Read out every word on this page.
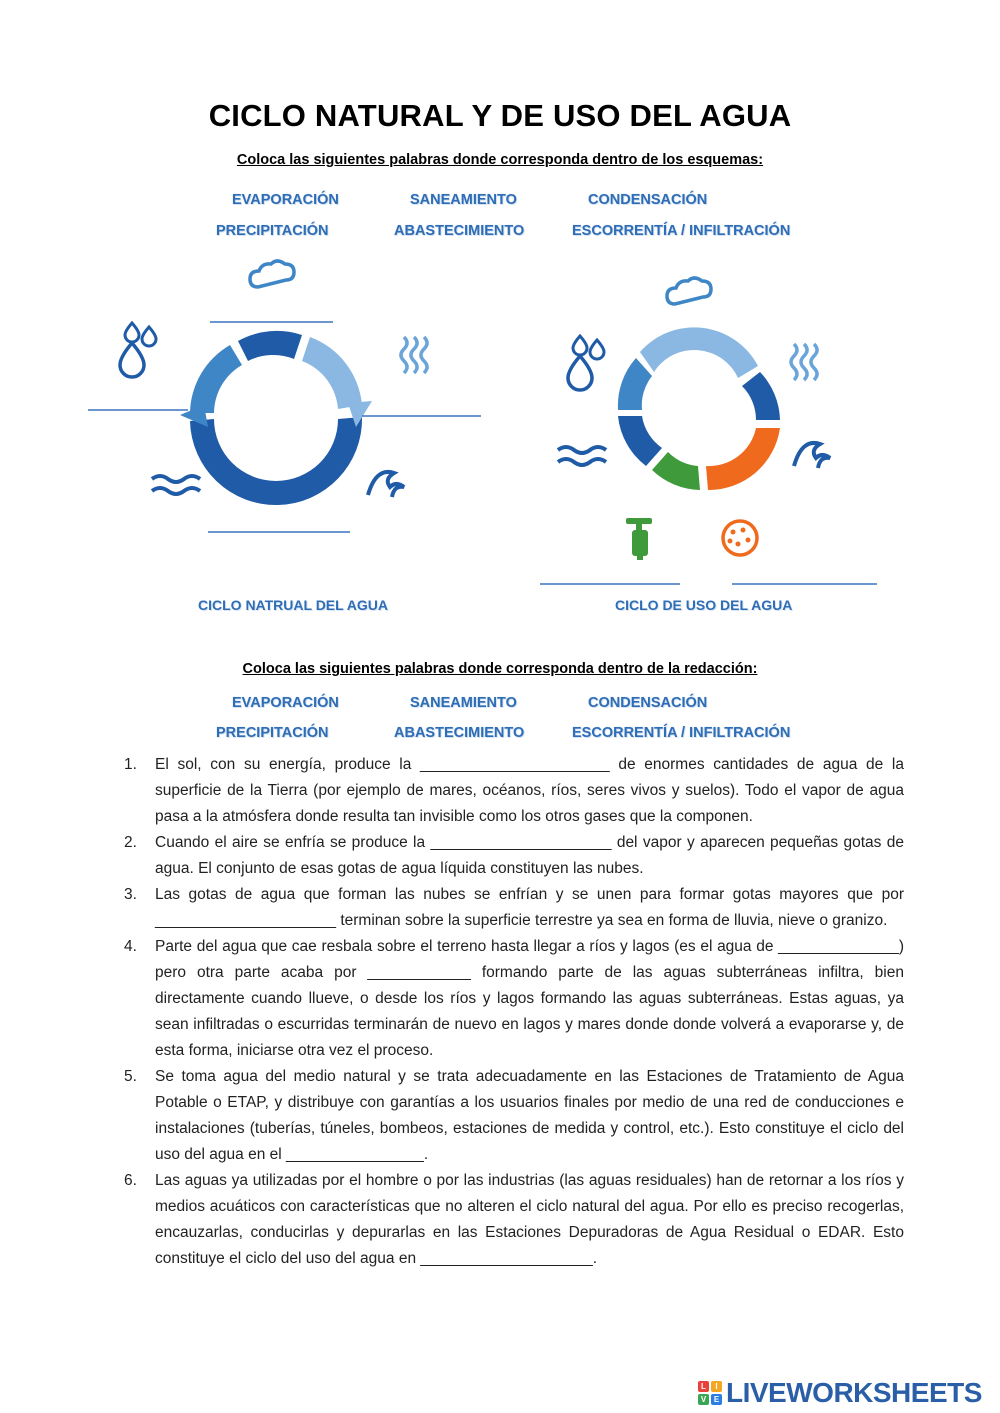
CICLO NATURAL Y DE USO DEL AGUA
Coloca las siguientes palabras donde corresponda dentro de los esquemas:
EVAPORACIÓN	SANEAMIENTO	CONDENSACIÓN
PRECIPITACIÓN	ABASTECIMIENTO	ESCORRENTÍA / INFILTRACIÓN
CICLO NATRUAL DEL AGUA	CICLO DE USO DEL AGUA
Coloca las siguientes palabras donde corresponda dentro de la redacción:
EVAPORACIÓN	SANEAMIENTO	CONDENSACIÓN
PRECIPITACIÓN	ABASTECIMIENTO	ESCORRENTÍA / INFILTRACIÓN
1. El sol, con su energía, produce la ______________________ de enormes cantidades de agua de la superficie de la Tierra (por ejemplo de mares, océanos, ríos, seres vivos y suelos). Todo el vapor de agua pasa a la atmósfera donde resulta tan invisible como los otros gases que la componen.
2. Cuando el aire se enfría se produce la _____________________ del vapor y aparecen pequeñas gotas de agua. El conjunto de esas gotas de agua líquida constituyen las nubes.
3. Las gotas de agua que forman las nubes se enfrían y se unen para formar gotas mayores que por _____________________ terminan sobre la superficie terrestre ya sea en forma de lluvia, nieve o granizo.
4. Parte del agua que cae resbala sobre el terreno hasta llegar a ríos y lagos (es el agua de ______________) pero otra parte acaba por ____________ formando parte de las aguas subterráneas infiltra, bien directamente cuando llueve, o desde los ríos y lagos formando las aguas subterráneas. Estas aguas, ya sean infiltradas o escurridas terminarán de nuevo en lagos y mares donde donde volverá a evaporarse y, de esta forma, iniciarse otra vez el proceso.
5. Se toma agua del medio natural y se trata adecuadamente en las Estaciones de Tratamiento de Agua Potable o ETAP, y distribuye con garantías a los usuarios finales por medio de una red de conducciones e instalaciones (tuberías, túneles, bombeos, estaciones de medida y control, etc.). Esto constituye el ciclo del uso del agua en el ________________.
6. Las aguas ya utilizadas por el hombre o por las industrias (las aguas residuales) han de retornar a los ríos y medios acuáticos con características que no alteren el ciclo natural del agua. Por ello es preciso recogerlas, encauzarlas, conducirlas y depurarlas en las Estaciones Depuradoras de Agua Residual o EDAR. Esto constituye el ciclo del uso del agua en ____________________.
L	I
V E LIVEWORKSHEETS
